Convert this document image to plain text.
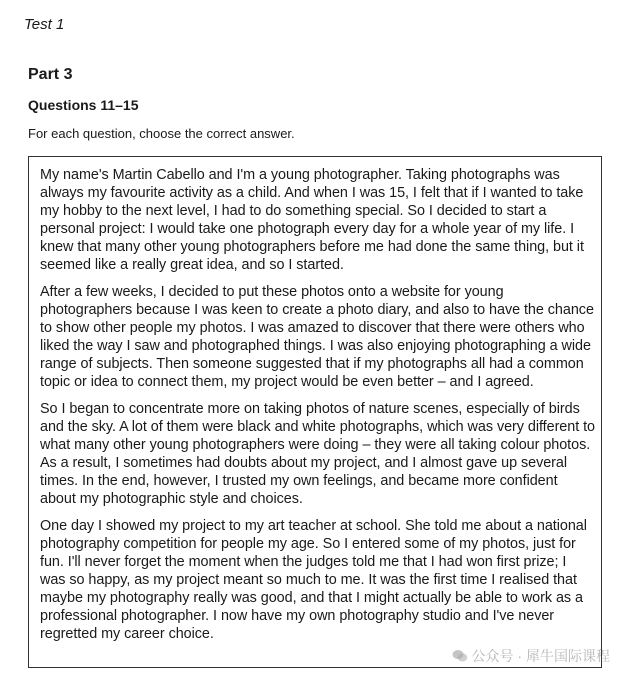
Test 1
Part 3
Questions 11–15
For each question, choose the correct answer.

My name's Martin Cabello and I'm a young photographer. Taking photographs was always my favourite activity as a child. And when I was 15, I felt that if I wanted to take my hobby to the next level, I had to do something special. So I decided to start a personal project: I would take one photograph every day for a whole year of my life. I knew that many other young photographers before me had done the same thing, but it seemed like a really great idea, and so I started.

After a few weeks, I decided to put these photos onto a website for young photographers because I was keen to create a photo diary, and also to have the chance to show other people my photos. I was amazed to discover that there were others who liked the way I saw and photographed things. I was also enjoying photographing a wide range of subjects. Then someone suggested that if my photographs all had a common topic or idea to connect them, my project would be even better – and I agreed.

So I began to concentrate more on taking photos of nature scenes, especially of birds and the sky. A lot of them were black and white photographs, which was very different to what many other young photographers were doing – they were all taking colour photos. As a result, I sometimes had doubts about my project, and I almost gave up several times. In the end, however, I trusted my own feelings, and became more confident about my photographic style and choices.

One day I showed my project to my art teacher at school. She told me about a national photography competition for people my age. So I entered some of my photos, just for fun. I'll never forget the moment when the judges told me that I had won first prize; I was so happy, as my project meant so much to me. It was the first time I realised that maybe my photography really was good, and that I might actually be able to work as a professional photographer. I now have my own photography studio and I've never regretted my career choice.

公众号 · 犀牛国际课程
